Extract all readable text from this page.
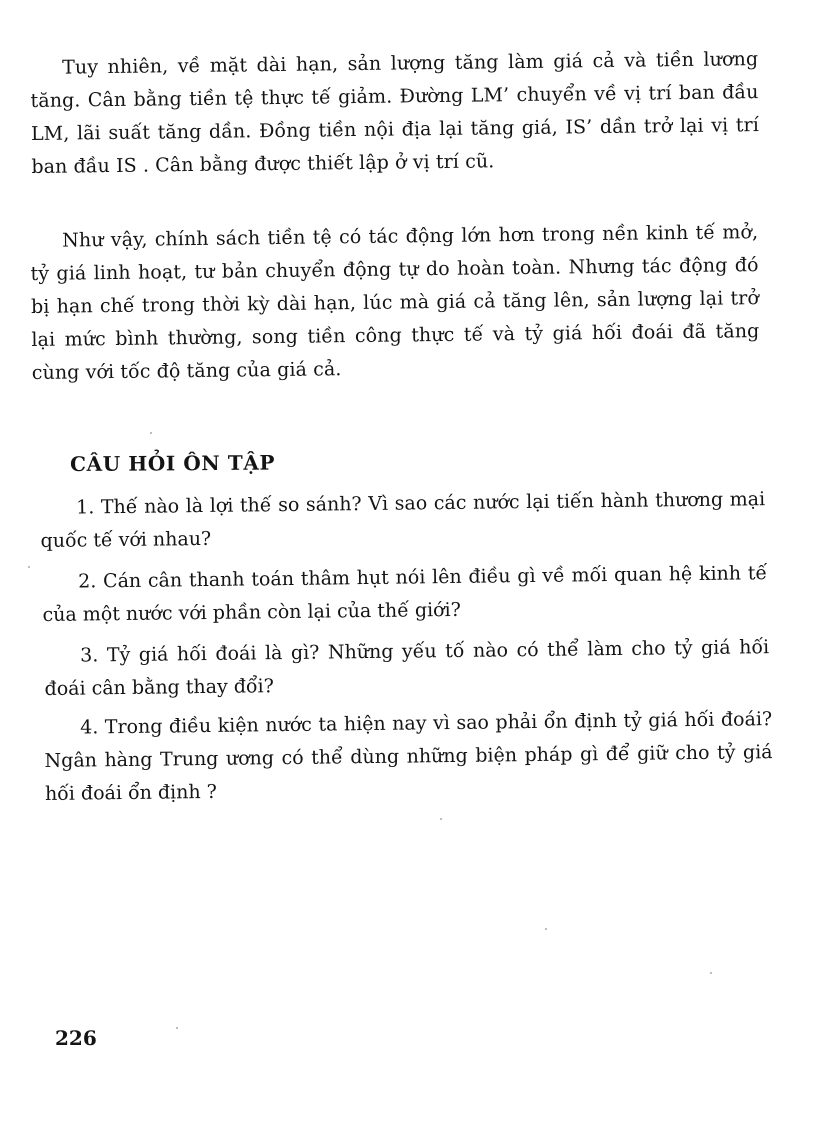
Tuy nhiên, về mặt dài hạn, sản lượng tăng làm giá cả và tiền lương tăng. Cân bằng tiền tệ thực tế giảm. Đường LM’ chuyển về vị trí ban đầu LM, lãi suất tăng dần. Đồng tiền nội địa lại tăng giá, IS’ dần trở lại vị trí ban đầu IS . Cân bằng được thiết lập ở vị trí cũ.

Như vậy, chính sách tiền tệ có tác động lớn hơn trong nền kinh tế mở, tỷ giá linh hoạt, tư bản chuyển động tự do hoàn toàn. Nhưng tác động đó bị hạn chế trong thời kỳ dài hạn, lúc mà giá cả tăng lên, sản lượng lại trở lại mức bình thường, song tiền công thực tế và tỷ giá hối đoái đã tăng cùng với tốc độ tăng của giá cả.

CÂU HỎI ÔN TẬP

1. Thế nào là lợi thế so sánh? Vì sao các nước lại tiến hành thương mại quốc tế với nhau?

2. Cán cân thanh toán thâm hụt nói lên điều gì về mối quan hệ kinh tế của một nước với phần còn lại của thế giới?

3. Tỷ giá hối đoái là gì? Những yếu tố nào có thể làm cho tỷ giá hối đoái cân bằng thay đổi?

4. Trong điều kiện nước ta hiện nay vì sao phải ổn định tỷ giá hối đoái? Ngân hàng Trung ương có thể dùng những biện pháp gì để giữ cho tỷ giá hối đoái ổn định ?

226
